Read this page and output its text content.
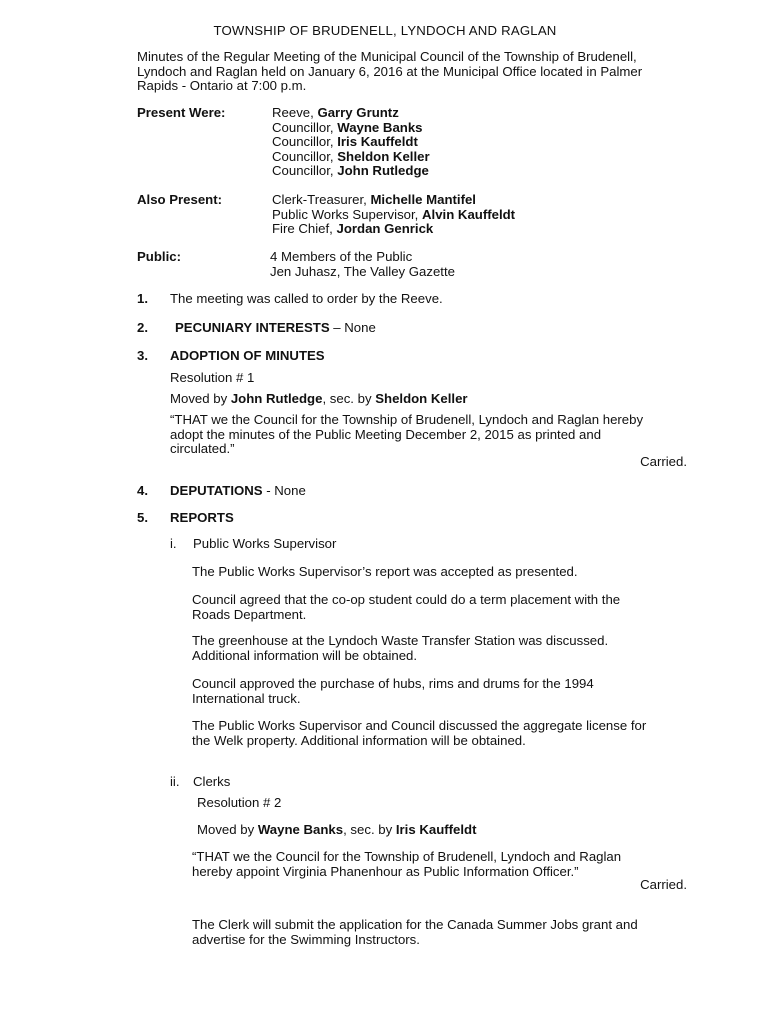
TOWNSHIP OF BRUDENELL, LYNDOCH AND RAGLAN

Minutes of the Regular Meeting of the Municipal Council of the Township of Brudenell,

Lyndoch and Raglan held on January 6, 2016 at the Municipal Office located in Palmer

Rapids - Ontario at 7:00 p.m.

Present Were:	Reeve, Garry Gruntz

Councillor, Wayne Banks

Councillor, Iris Kauffeldt

Councillor, Sheldon Keller

Councillor, John Rutledge

Also Present:	Clerk-Treasurer, Michelle Mantifel

Public Works Supervisor, Alvin Kauffeldt

Fire Chief, Jordan Genrick

Public:	4 Members of the Public

Jen Juhasz, The Valley Gazette

1. The meeting was called to order by the Reeve.
2. PECUNIARY INTERESTS – None
3. ADOPTION OF MINUTES
Resolution # 1
Moved by John Rutledge, sec. by Sheldon Keller

“THAT we the Council for the Township of Brudenell, Lyndoch and Raglan hereby

adopt the minutes of the Public Meeting December 2, 2015 as printed and

circulated.”

Carried.
4. DEPUTATIONS - None
5. REPORTS
i. Public Works Supervisor

The Public Works Supervisor’s report was accepted as presented.

Council agreed that the co-op student could do a term placement with the

Roads Department.

The greenhouse at the Lyndoch Waste Transfer Station was discussed.

Additional information will be obtained.

Council approved the purchase of hubs, rims and drums for the 1994

International truck.

The Public Works Supervisor and Council discussed the aggregate license for

the Welk property. Additional information will be obtained.

ii. Clerks
Resolution # 2
Moved by Wayne Banks, sec. by Iris Kauffeldt

“THAT we the Council for the Township of Brudenell, Lyndoch and Raglan

hereby appoint Virginia Phanenhour as Public Information Officer.”

Carried.

The Clerk will submit the application for the Canada Summer Jobs grant and

advertise for the Swimming Instructors.
